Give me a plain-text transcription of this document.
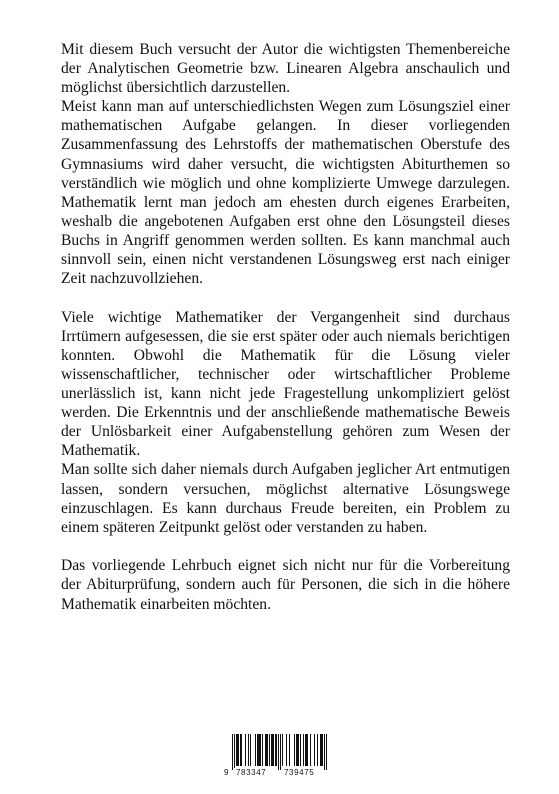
Mit diesem Buch versucht der Autor die wichtigsten Themenbereiche der Analytischen Geometrie bzw. Linearen Algebra anschaulich und möglichst übersichtlich darzustellen.

Meist kann man auf unterschiedlichsten Wegen zum Lösungsziel einer mathematischen Aufgabe gelangen. In dieser vorliegenden Zusammenfassung des Lehrstoffs der mathematischen Oberstufe des Gymnasiums wird daher versucht, die wichtigsten Abiturthemen so verständlich wie möglich und ohne komplizierte Umwege darzulegen. Mathematik lernt man jedoch am ehesten durch eigenes Erarbeiten, weshalb die angebotenen Aufgaben erst ohne den Lösungsteil dieses Buchs in Angriff genommen werden sollten. Es kann manchmal auch sinnvoll sein, einen nicht verstandenen Lösungsweg erst nach einiger Zeit nachzuvollziehen.

Viele wichtige Mathematiker der Vergangenheit sind durchaus Irrtümern aufgesessen, die sie erst später oder auch niemals berichtigen konnten. Obwohl die Mathematik für die Lösung vieler wissenschaftlicher, technischer oder wirtschaftlicher Probleme unerlässlich ist, kann nicht jede Fragestellung unkompliziert gelöst werden. Die Erkenntnis und der anschließende mathematische Beweis der Unlösbarkeit einer Aufgabenstellung gehören zum Wesen der Mathematik.

Man sollte sich daher niemals durch Aufgaben jeglicher Art entmutigen lassen, sondern versuchen, möglichst alternative Lösungswege einzuschlagen. Es kann durchaus Freude bereiten, ein Problem zu einem späteren Zeitpunkt gelöst oder verstanden zu haben.

Das vorliegende Lehrbuch eignet sich nicht nur für die Vorbereitung der Abiturprüfung, sondern auch für Personen, die sich in die höhere Mathematik einarbeiten möchten.

9 783347 739475
